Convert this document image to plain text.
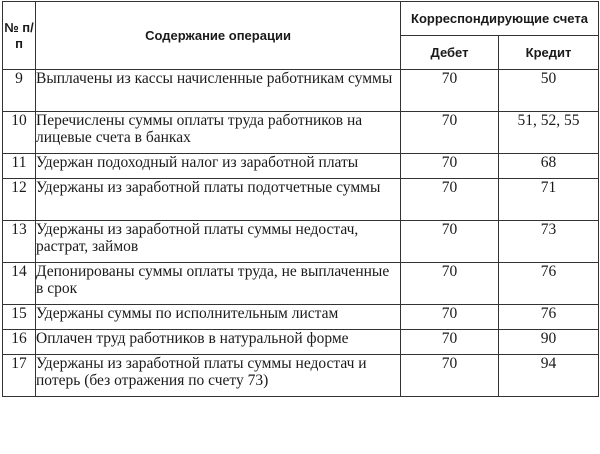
№ п/п	Содержание операции	Корреспондирующие счета	
		Дебет	Кредит
9	Выплачены из кассы начисленные работникам суммы	70	50
10	Перечислены суммы оплаты труда работников на лицевые счета в банках	70	51, 52, 55
11	Удержан подоходный налог из заработной платы	70	68
12	Удержаны из заработной платы подотчетные суммы	70	71
13	Удержаны из заработной платы суммы недостач, растрат, займов	70	73
14	Депонированы суммы оплаты труда, не выплаченные в срок	70	76
15	Удержаны суммы по исполнительным листам	70	76
16	Оплачен труд работников в натуральной форме	70	90
17	Удержаны из заработной платы суммы недостач и потерь (без отражения по счету 73)	70	94
